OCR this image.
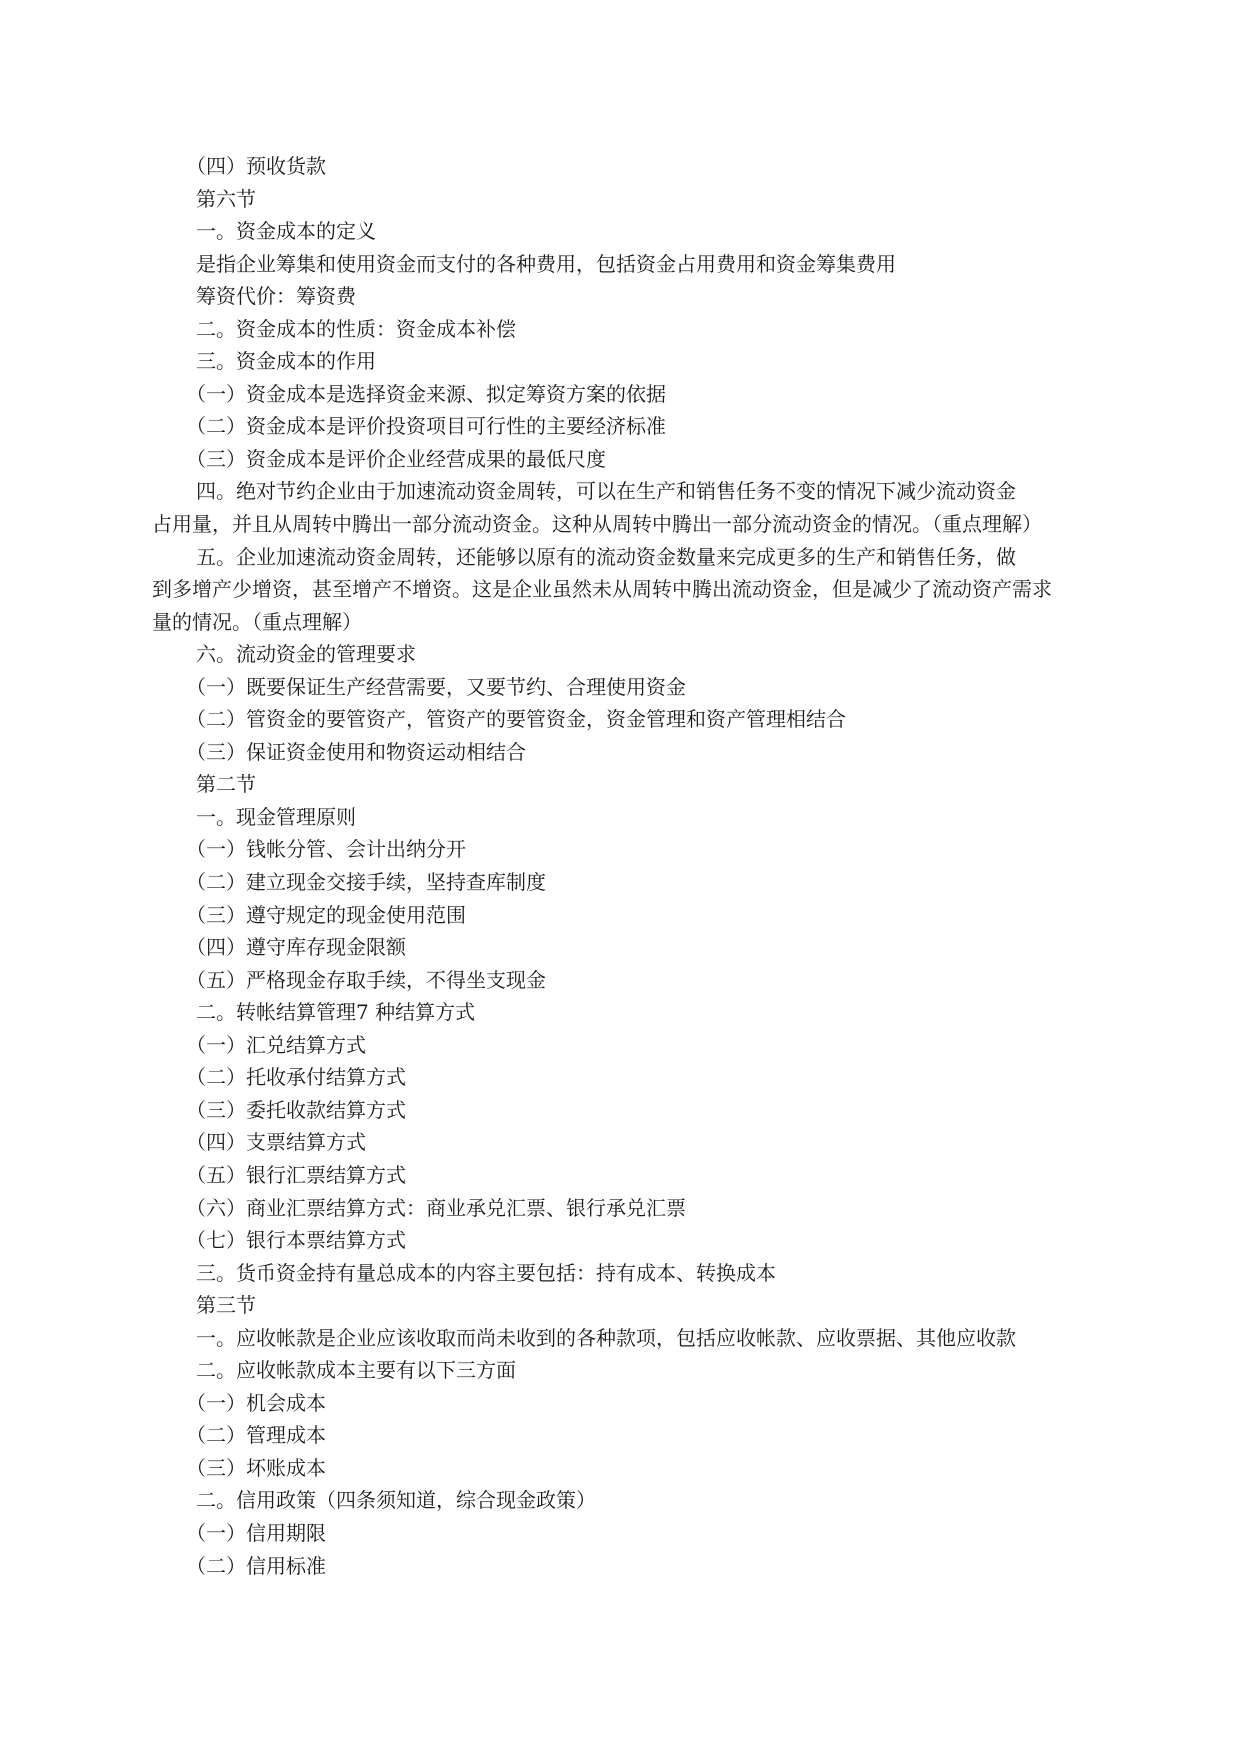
（四）预收货款
第六节
一。资金成本的定义
是指企业筹集和使用资金而支付的各种费用，包括资金占用费用和资金筹集费用
筹资代价：筹资费
二。资金成本的性质：资金成本补偿
三。资金成本的作用
（一）资金成本是选择资金来源、拟定筹资方案的依据
（二）资金成本是评价投资项目可行性的主要经济标准
（三）资金成本是评价企业经营成果的最低尺度
四。绝对节约企业由于加速流动资金周转，可以在生产和销售任务不变的情况下减少流动资金
占用量，并且从周转中腾出一部分流动资金。这种从周转中腾出一部分流动资金的情况。（重点理解）
五。企业加速流动资金周转，还能够以原有的流动资金数量来完成更多的生产和销售任务，做
到多增产少增资，甚至增产不增资。这是企业虽然未从周转中腾出流动资金，但是减少了流动资产需求
量的情况。（重点理解）
六。流动资金的管理要求
（一）既要保证生产经营需要，又要节约、合理使用资金
（二）管资金的要管资产，管资产的要管资金，资金管理和资产管理相结合
（三）保证资金使用和物资运动相结合
第二节
一。现金管理原则
（一）钱帐分管、会计出纳分开
（二）建立现金交接手续，坚持查库制度
（三）遵守规定的现金使用范围
（四）遵守库存现金限额
（五）严格现金存取手续，不得坐支现金
二。转帐结算管理7 种结算方式
（一）汇兑结算方式
（二）托收承付结算方式
（三）委托收款结算方式
（四）支票结算方式
（五）银行汇票结算方式
（六）商业汇票结算方式：商业承兑汇票、银行承兑汇票
（七）银行本票结算方式
三。货币资金持有量总成本的内容主要包括：持有成本、转换成本
第三节
一。应收帐款是企业应该收取而尚未收到的各种款项，包括应收帐款、应收票据、其他应收款
二。应收帐款成本主要有以下三方面
（一）机会成本
（二）管理成本
（三）坏账成本
二。信用政策（四条须知道，综合现金政策）
（一）信用期限
（二）信用标准
